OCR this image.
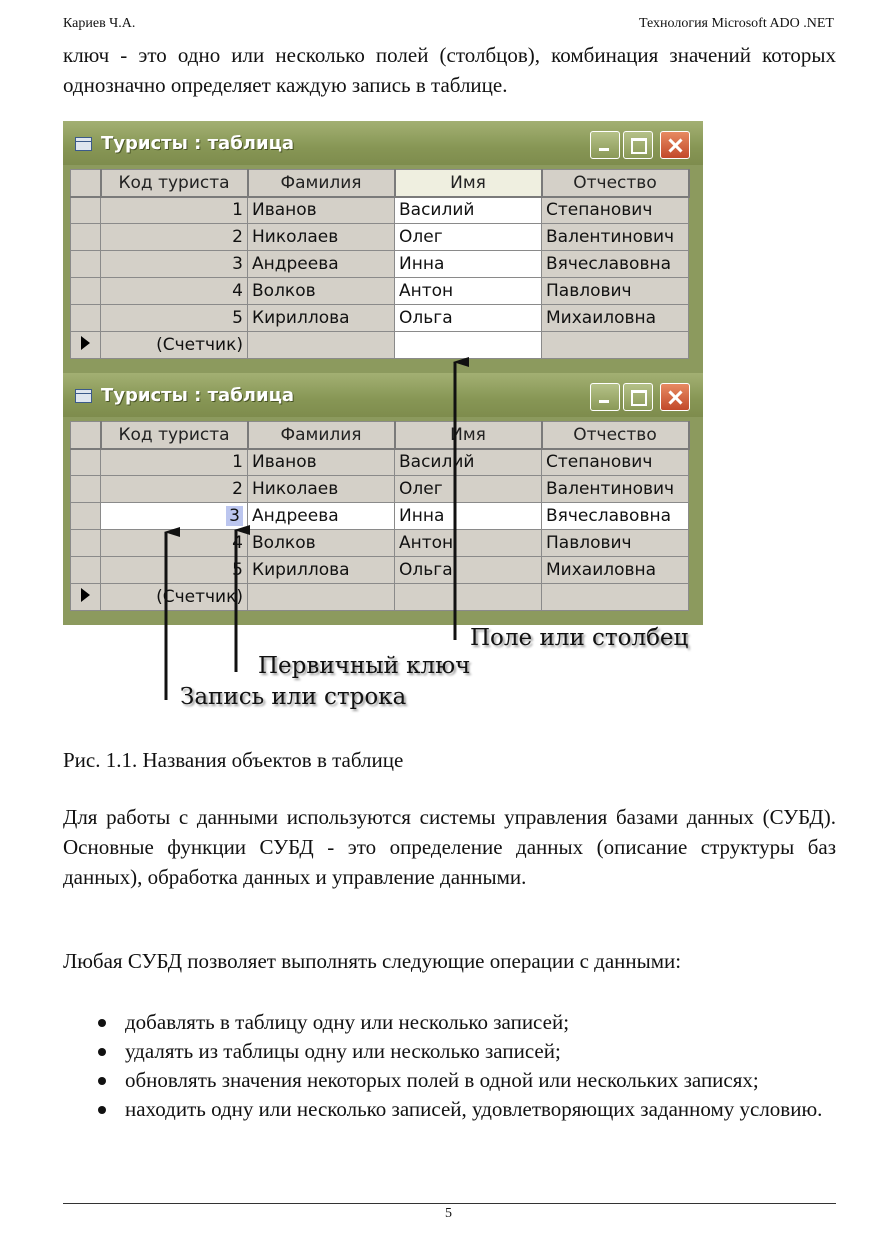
Кариев Ч.А.	Технология Microsoft ADO .NET

ключ - это одно или несколько полей (столбцов), комбинация значений которых однозначно определяет каждую запись в таблице.

Туристы : таблица
	Код туриста	Фамилия	Имя	Отчество
	1	Иванов	Василий	Степанович
	2	Николаев	Олег	Валентинович
	3	Андреева	Инна	Вячеславовна
	4	Волков	Антон	Павлович
	5	Кириллова	Ольга	Михаиловна
	(Счетчик)			
Туристы : таблица
	Код туриста	Фамилия	Имя	Отчество
	1	Иванов	Василий	Степанович
	2	Николаев	Олег	Валентинович
	3	Андреева	Инна	Вячеславовна
	4	Волков	Антон	Павлович
	5	Кириллова	Ольга	Михаиловна
	(Счетчик)			
Поле или столбец
Первичный ключ
Запись или строка
Рис. 1.1. Названия объектов в таблице

Для работы с данными используются системы управления базами данных (СУБД). Основные функции СУБД - это определение данных (описание структуры баз данных), обработка данных и управление данными.

Любая СУБД позволяет выполнять следующие операции с данными:

добавлять в таблицу одну или несколько записей;
удалять из таблицы одну или несколько записей;
обновлять значения некоторых полей в одной или нескольких записях;
находить одну или несколько записей, удовлетворяющих заданному условию.
5
